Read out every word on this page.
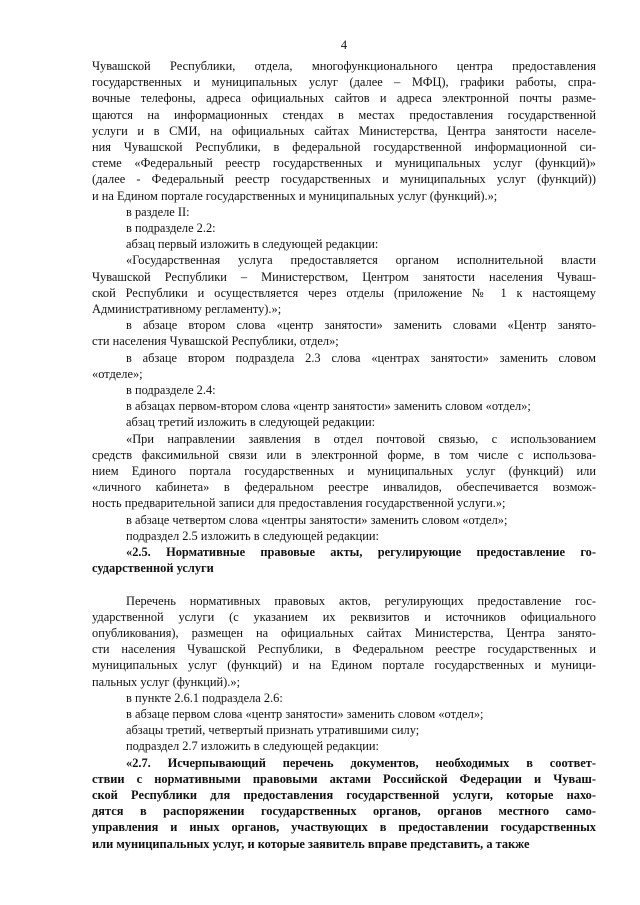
4
Чувашской Республики, отдела, многофункционального центра предоставления
государственных и муниципальных услуг (далее – МФЦ), графики работы, спра-
вочные телефоны, адреса официальных сайтов и адреса электронной почты разме-
щаются на информационных стендах в местах предоставления государственной
услуги и в СМИ, на официальных сайтах Министерства, Центра занятости населе-
ния Чувашской Республики, в федеральной государственной информационной си-
стеме «Федеральный реестр государственных и муниципальных услуг (функций)»
(далее - Федеральный реестр государственных и муниципальных услуг (функций))
и на Едином портале государственных и муниципальных услуг (функций).»;
в разделе II:
в подразделе 2.2:
абзац первый изложить в следующей редакции:
«Государственная услуга предоставляется органом исполнительной власти
Чувашской Республики – Министерством, Центром занятости населения Чуваш-
ской Республики и осуществляется через отделы (приложение № 1 к настоящему
Административному регламенту).»;
в абзаце втором слова «центр занятости» заменить словами «Центр занято-
сти населения Чувашской Республики, отдел»;
в абзаце втором подраздела 2.3 слова «центрах занятости» заменить словом
«отделе»;
в подразделе 2.4:
в абзацах первом-втором слова «центр занятости» заменить словом «отдел»;
абзац третий изложить в следующей редакции:
«При направлении заявления в отдел почтовой связью, с использованием
средств факсимильной связи или в электронной форме, в том числе с использова-
нием Единого портала государственных и муниципальных услуг (функций) или
«личного кабинета» в федеральном реестре инвалидов, обеспечивается возмож-
ность предварительной записи для предоставления государственной услуги.»;
в абзаце четвертом слова «центры занятости» заменить словом «отдел»;
подраздел 2.5 изложить в следующей редакции:
«2.5. Нормативные правовые акты, регулирующие предоставление го-
сударственной услуги
Перечень нормативных правовых актов, регулирующих предоставление гос-
ударственной услуги (с указанием их реквизитов и источников официального
опубликования), размещен на официальных сайтах Министерства, Центра занято-
сти населения Чувашской Республики, в Федеральном реестре государственных и
муниципальных услуг (функций) и на Едином портале государственных и муници-
пальных услуг (функций).»;
в пункте 2.6.1 подраздела 2.6:
в абзаце первом слова «центр занятости» заменить словом «отдел»;
абзацы третий, четвертый признать утратившими силу;
подраздел 2.7 изложить в следующей редакции:
«2.7. Исчерпывающий перечень документов, необходимых в соответ-
ствии с нормативными правовыми актами Российской Федерации и Чуваш-
ской Республики для предоставления государственной услуги, которые нахо-
дятся в распоряжении государственных органов, органов местного само-
управления и иных органов, участвующих в предоставлении государственных
или муниципальных услуг, и которые заявитель вправе представить, а также
